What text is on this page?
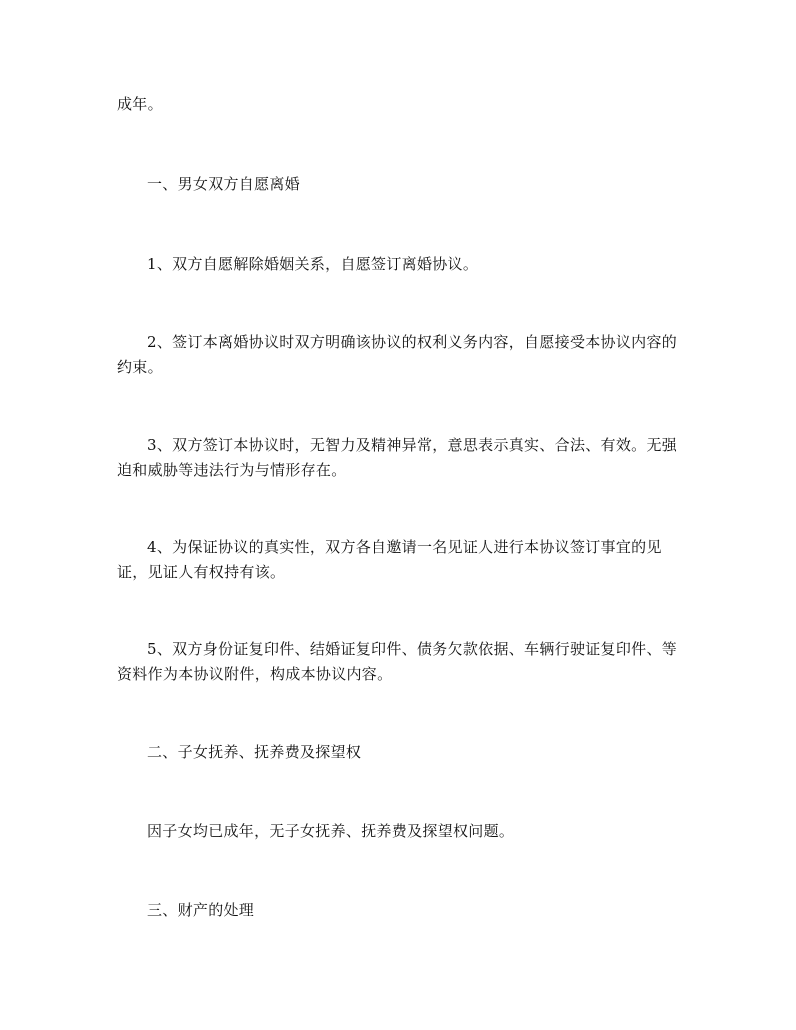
成年。

一、男女双方自愿离婚

1、双方自愿解除婚姻关系，自愿签订离婚协议。

2、签订本离婚协议时双方明确该协议的权利义务内容，自愿接受本协议内容的约束。

3、双方签订本协议时，无智力及精神异常，意思表示真实、合法、有效。无强迫和威胁等违法行为与情形存在。

4、为保证协议的真实性，双方各自邀请一名见证人进行本协议签订事宜的见证，见证人有权持有该。

5、双方身份证复印件、结婚证复印件、债务欠款依据、车辆行驶证复印件、等资料作为本协议附件，构成本协议内容。

二、子女抚养、抚养费及探望权

因子女均已成年，无子女抚养、抚养费及探望权问题。

三、财产的处理
